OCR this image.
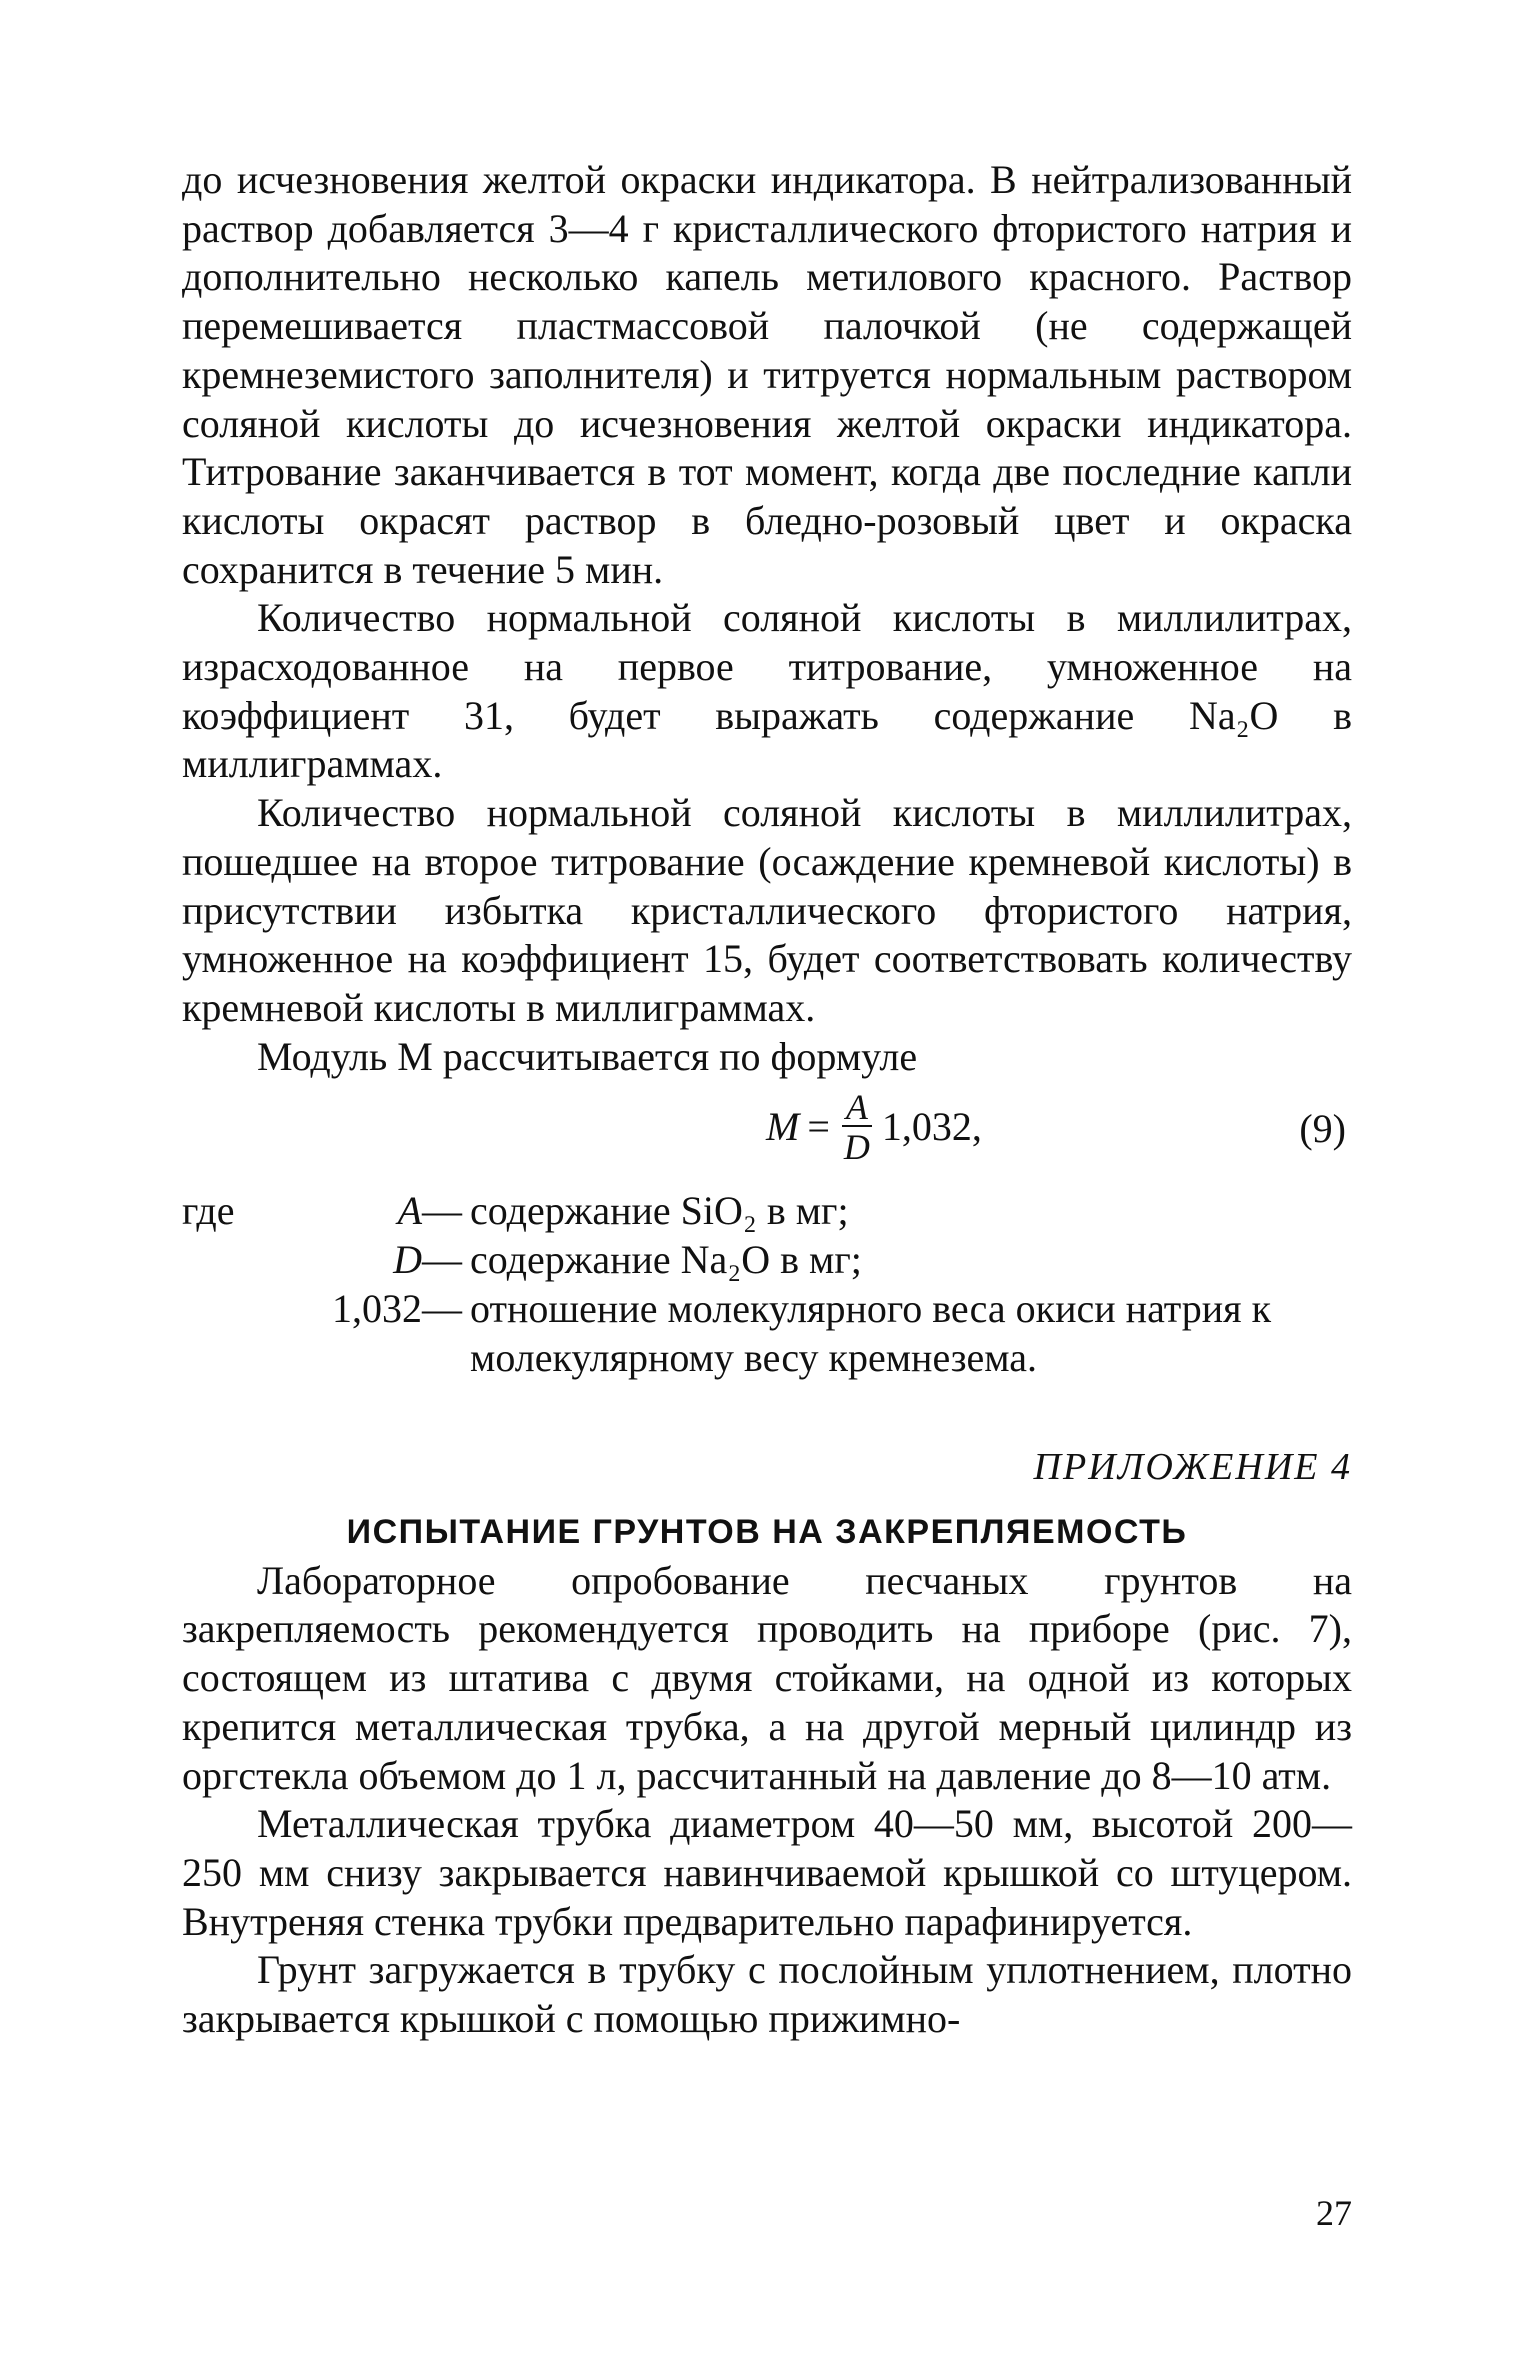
до исчезновения желтой окраски индикатора. В нейтрализованный раствор добавляется 3—4 г кристаллического фтористого натрия и дополнительно несколько капель метилового красного. Раствор перемешивается пластмассовой палочкой (не содержащей кремнеземистого заполнителя) и титруется нормальным раствором соляной кислоты до исчезновения желтой окраски индикатора. Титрование заканчивается в тот момент, когда две последние капли кислоты окрасят раствор в бледно-розовый цвет и окраска сохранится в течение 5 мин.

Количество нормальной соляной кислоты в миллилитрах, израсходованное на первое титрование, умноженное на коэффициент 31, будет выражать содержание Na₂O в миллиграммах.

Количество нормальной соляной кислоты в миллилитрах, пошедшее на второе титрование (осаждение кремневой кислоты) в присутствии избытка кристаллического фтористого натрия, умноженное на коэффициент 15, будет соответствовать количеству кремневой кислоты в миллиграммах.

Модуль М рассчитывается по формуле

$M = \frac{A}{D} 1,032$,	(9)
где	A — содержание SiO₂ в мг;
D — содержание Na₂O в мг;
1,032 — отношение молекулярного веса окиси натрия к молекулярному весу кремнезема.
ПРИЛОЖЕНИЕ 4
ИСПЫТАНИЕ ГРУНТОВ НА ЗАКРЕПЛЯЕМОСТЬ

Лабораторное опробование песчаных грунтов на закрепляемость рекомендуется проводить на приборе (рис. 7), состоящем из штатива с двумя стойками, на одной из которых крепится металлическая трубка, а на другой мерный цилиндр из оргстекла объемом до 1 л, рассчитанный на давление до 8—10 атм.

Металлическая трубка диаметром 40—50 мм, высотой 200—250 мм снизу закрывается навинчиваемой крышкой со штуцером. Внутреняя стенка трубки предварительно парафинируется.

Грунт загружается в трубку с послойным уплотнением, плотно закрывается крышкой с помощью прижимно-

27
